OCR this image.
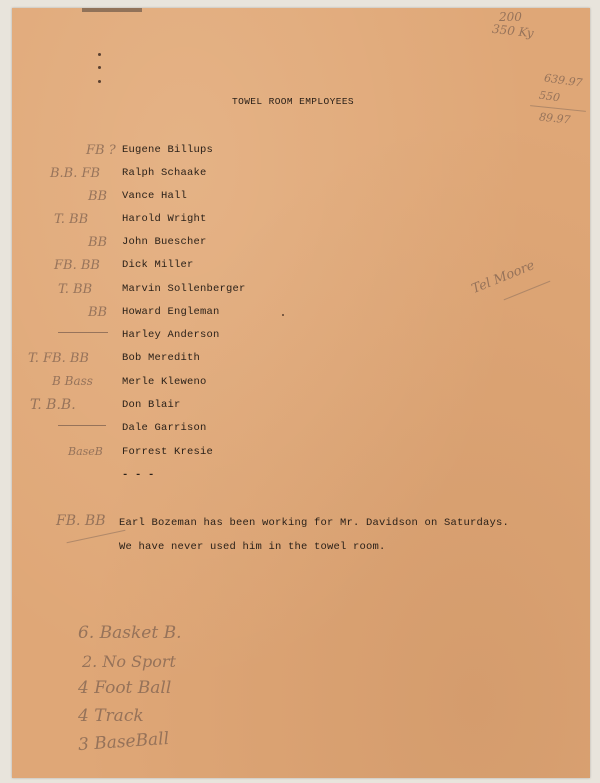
200
350 Ky
639.97
550
89.97
TOWEL ROOM EMPLOYEES
FB ? Eugene Billups
B.B. FB Ralph Schaake
BB Vance Hall
T. BB	Harold Wright
BB John Buescher
FB. BB Dick Miller
T. BB	Marvin Sollenberger
BB Howard Engleman
Harley Anderson
T. FB. BB	Bob Meredith
B Bass	Merle Kleweno
T. B.B.	Don Blair
Dale Garrison
BaseB Forrest Kresie
- - -
Tel Moore
FB. BB Earl Bozeman has been working for Mr. Davidson on Saturdays.
We have never used him in the towel room.
6. Basket B.
2. No Sport
4 Foot Ball
4 Track
3 BaseBall
